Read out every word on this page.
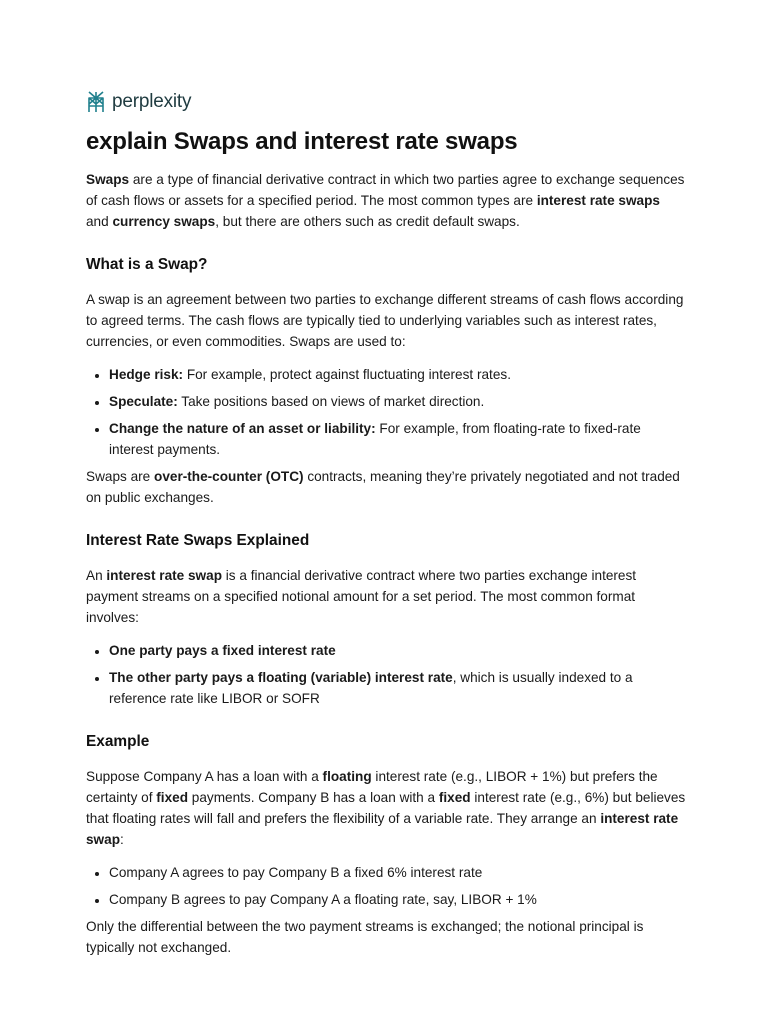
perplexity
explain Swaps and interest rate swaps

Swaps are a type of financial derivative contract in which two parties agree to exchange sequences of cash flows or assets for a specified period. The most common types are interest rate swaps and currency swaps, but there are others such as credit default swaps.

What is a Swap?

A swap is an agreement between two parties to exchange different streams of cash flows according to agreed terms. The cash flows are typically tied to underlying variables such as interest rates, currencies, or even commodities. Swaps are used to:

• Hedge risk: For example, protect against fluctuating interest rates.
• Speculate: Take positions based on views of market direction.
• Change the nature of an asset or liability: For example, from floating-rate to fixed-rate interest payments.

Swaps are over-the-counter (OTC) contracts, meaning they’re privately negotiated and not traded on public exchanges.

Interest Rate Swaps Explained

An interest rate swap is a financial derivative contract where two parties exchange interest payment streams on a specified notional amount for a set period. The most common format involves:

• One party pays a fixed interest rate
• The other party pays a floating (variable) interest rate, which is usually indexed to a reference rate like LIBOR or SOFR
Example

Suppose Company A has a loan with a floating interest rate (e.g., LIBOR + 1%) but prefers the certainty of fixed payments. Company B has a loan with a fixed interest rate (e.g., 6%) but believes that floating rates will fall and prefers the flexibility of a variable rate. They arrange an interest rate swap:

• Company A agrees to pay Company B a fixed 6% interest rate
• Company B agrees to pay Company A a floating rate, say, LIBOR + 1%

Only the differential between the two payment streams is exchanged; the notional principal is typically not exchanged.
